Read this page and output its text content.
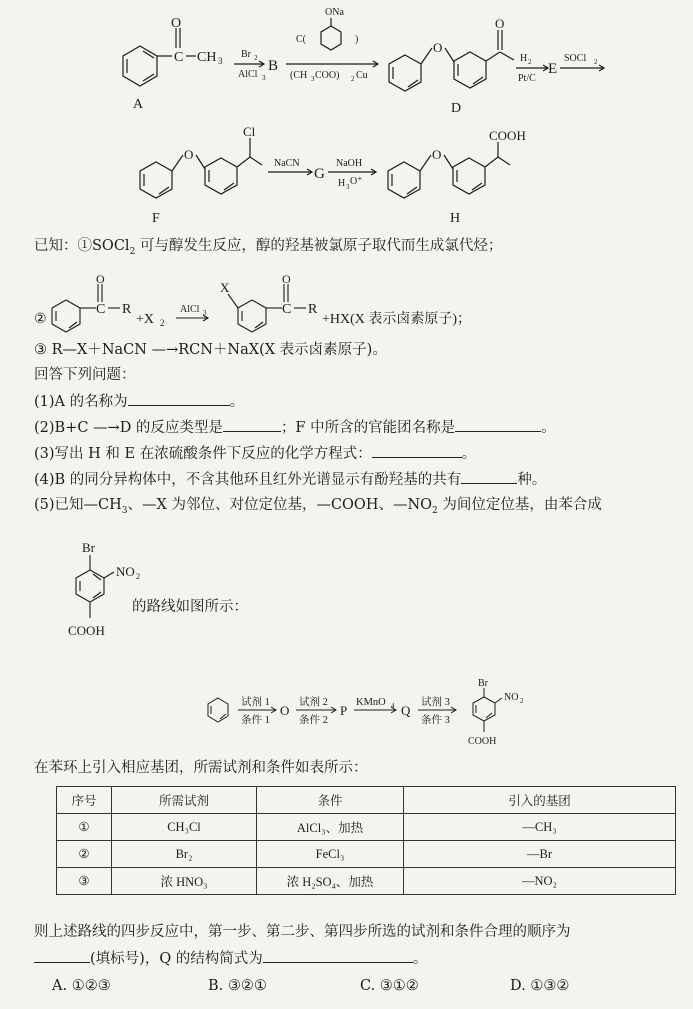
O
C CH 3
A
Br 2
AlCl 3
B
C(
ONa
)
(CH 3 COO) 2 Cu
O
O
D
H 2
Pt/C
E
SOCl 2
O
Cl
F
NaCN
G
NaOH
H 3 O⁺
O
COOH
H
已知：①SOCl$_2$ 可与醇发生反应，醇的羟基被氯原子取代而生成氯代烃；
②
O
C R
+X 2
AlCl 3
X
O
C R
+HX(X 表示卤素原子)；
③ R—X＋NaCN —→RCN＋NaX(X 表示卤素原子)。
回答下列问题：
(1)A 的名称为	。
(2)B+C —→D 的反应类型是	；F 中所含的官能团名称是	。
(3)写出 H 和 E 在浓硫酸条件下反应的化学方程式：	。
(4)B 的同分异构体中，不含其他环且红外光谱显示有酚羟基的共有	种。
(5)已知$—CH_3$、—X 为邻位、对位定位基，—COOH、$—NO_2$ 为间位定位基，由苯合成
Br
NO 2
COOH
的路线如图所示：
试剂 1
条件 1
O
试剂 2
条件 2
P
KMnO 4 Q
试剂 3
条件 3
Br
NO 2
COOH
在苯环上引入相应基团，所需试剂和条件如表所示：
序号	所需试剂	条件	引入的基团
①	CH₃Cl	AlCl₃、加热	—CH₃
②	Br₂	FeCl₃	—Br
③	浓 HNO₃	浓 H₂SO₄、加热	—NO₂
则上述路线的四步反应中，第一步、第二步、第四步所选的试剂和条件合理的顺序为
(填标号)，Q 的结构简式为	。
A. ①②③	B. ③②①	C. ③①②	D. ①③②
